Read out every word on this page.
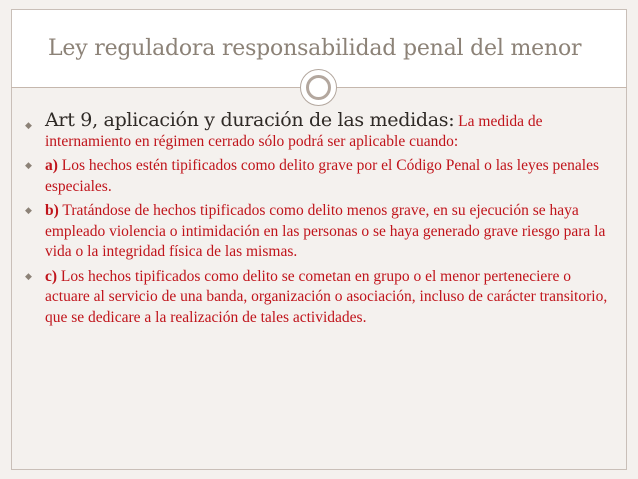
Ley reguladora responsabilidad penal del menor
◆ Art 9, aplicación y duración de las medidas: La medida de internamiento en régimen cerrado sólo podrá ser aplicable cuando:
◆ a) Los hechos estén tipificados como delito grave por el Código Penal o las leyes penales especiales.
◆ b) Tratándose de hechos tipificados como delito menos grave, en su ejecución se haya empleado violencia o intimidación en las personas o se haya generado grave riesgo para la vida o la integridad física de las mismas.
◆ c) Los hechos tipificados como delito se cometan en grupo o el menor perteneciere o actuare al servicio de una banda, organización o asociación, incluso de carácter transitorio, que se dedicare a la realización de tales actividades.
